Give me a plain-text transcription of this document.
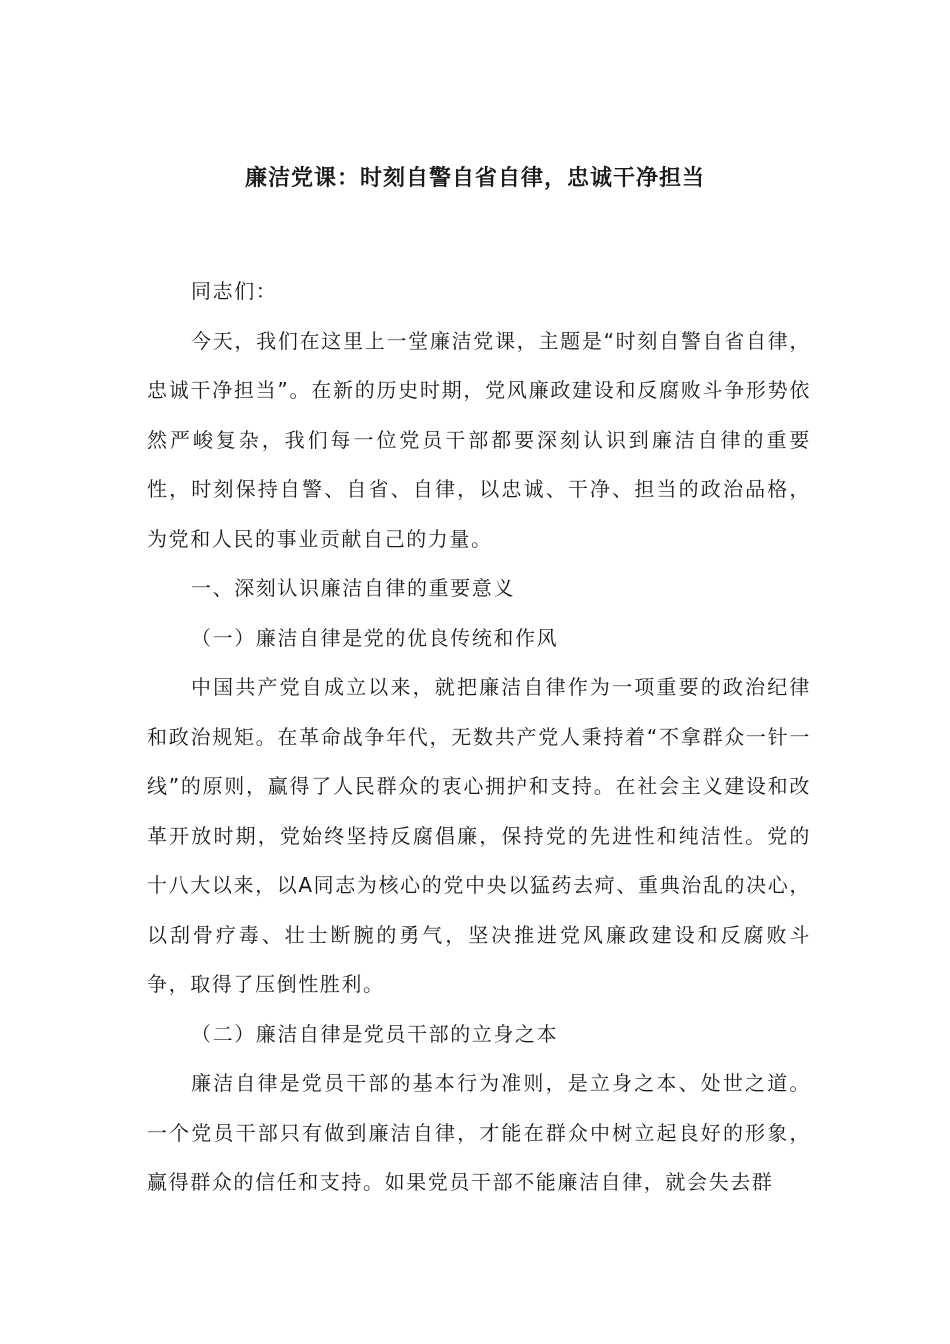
廉洁党课：时刻自警自省自律，忠诚干净担当

同志们：

今天，我们在这里上一堂廉洁党课，主题是“时刻自警自省自律，忠诚干净担当”。在新的历史时期，党风廉政建设和反腐败斗争形势依然严峻复杂，我们每一位党员干部都要深刻认识到廉洁自律的重要性，时刻保持自警、自省、自律，以忠诚、干净、担当的政治品格，为党和人民的事业贡献自己的力量。

一、深刻认识廉洁自律的重要意义

（一）廉洁自律是党的优良传统和作风

中国共产党自成立以来，就把廉洁自律作为一项重要的政治纪律和政治规矩。在革命战争年代，无数共产党人秉持着“不拿群众一针一线”的原则，赢得了人民群众的衷心拥护和支持。在社会主义建设和改革开放时期，党始终坚持反腐倡廉，保持党的先进性和纯洁性。党的十八大以来，以A同志为核心的党中央以猛药去疴、重典治乱的决心，以刮骨疗毒、壮士断腕的勇气，坚决推进党风廉政建设和反腐败斗争，取得了压倒性胜利。

（二）廉洁自律是党员干部的立身之本

廉洁自律是党员干部的基本行为准则，是立身之本、处世之道。一个党员干部只有做到廉洁自律，才能在群众中树立起良好的形象，赢得群众的信任和支持。如果党员干部不能廉洁自律，就会失去群
